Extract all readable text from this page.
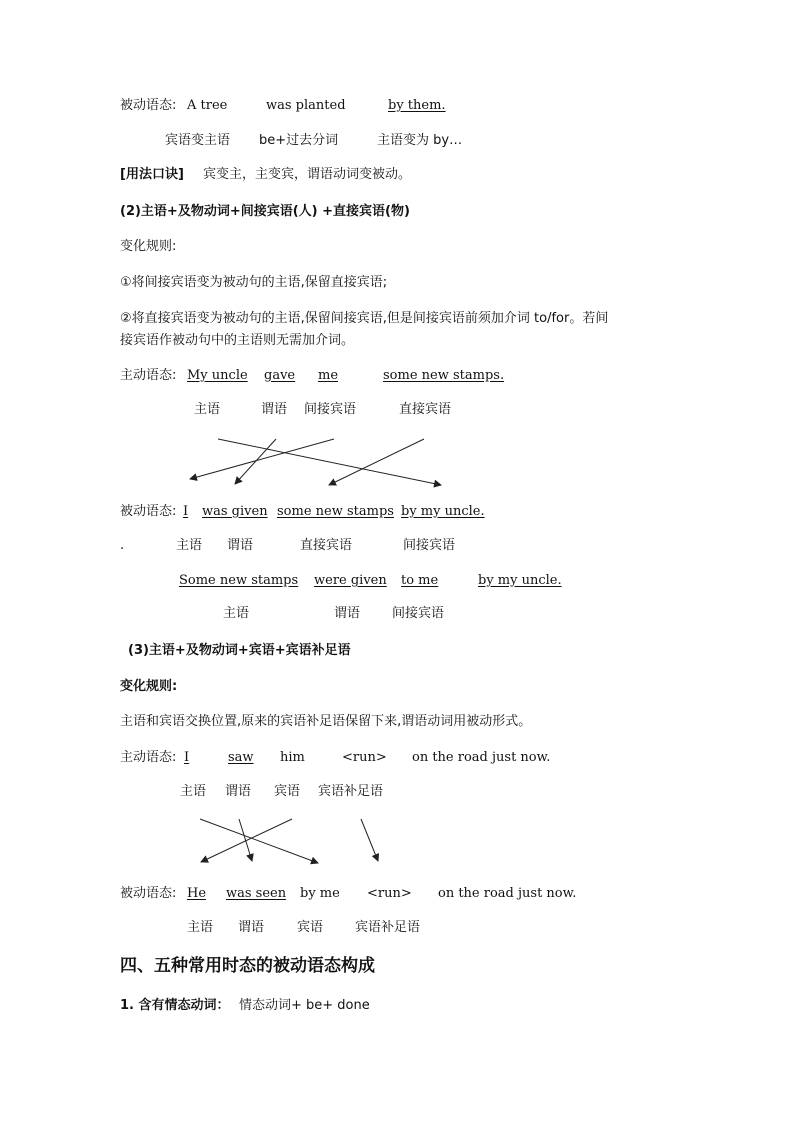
被动语态: A tree	was planted	by them.
宾语变主语 be+过去分词	主语变为 by…
[用法口诀] 宾变主，主变宾，谓语动词变被动。
(2)主语+及物动词+间接宾语(人) +直接宾语(物)
变化规则:
①将间接宾语变为被动句的主语,保留直接宾语;
②将直接宾语变为被动句的主语,保留间接宾语,但是间接宾语前须加介词 to/for。若间
接宾语作被动句中的主语则无需加介词。
主动语态: My uncle gave me	some new stamps.
主语	谓语 间接宾语	直接宾语
被动语态: I was given some new stamps by my uncle.
.	主语 谓语	直接宾语	间接宾语
Some new stamps were given to me	by my uncle.
主语	谓语 间接宾语
(3)主语+及物动词+宾语+宾语补足语
变化规则:
主语和宾语交换位置,原来的宾语补足语保留下来,谓语动词用被动形式。
主动语态: I	saw him	<run> on the road just now.
主语 谓语 宾语 宾语补足语
被动语态: He was seen by me <run> on the road just now.
主语 谓语	宾语 宾语补足语
四、五种常用时态的被动语态构成
1. 含有情态动词： 情态动词+ be+ done
